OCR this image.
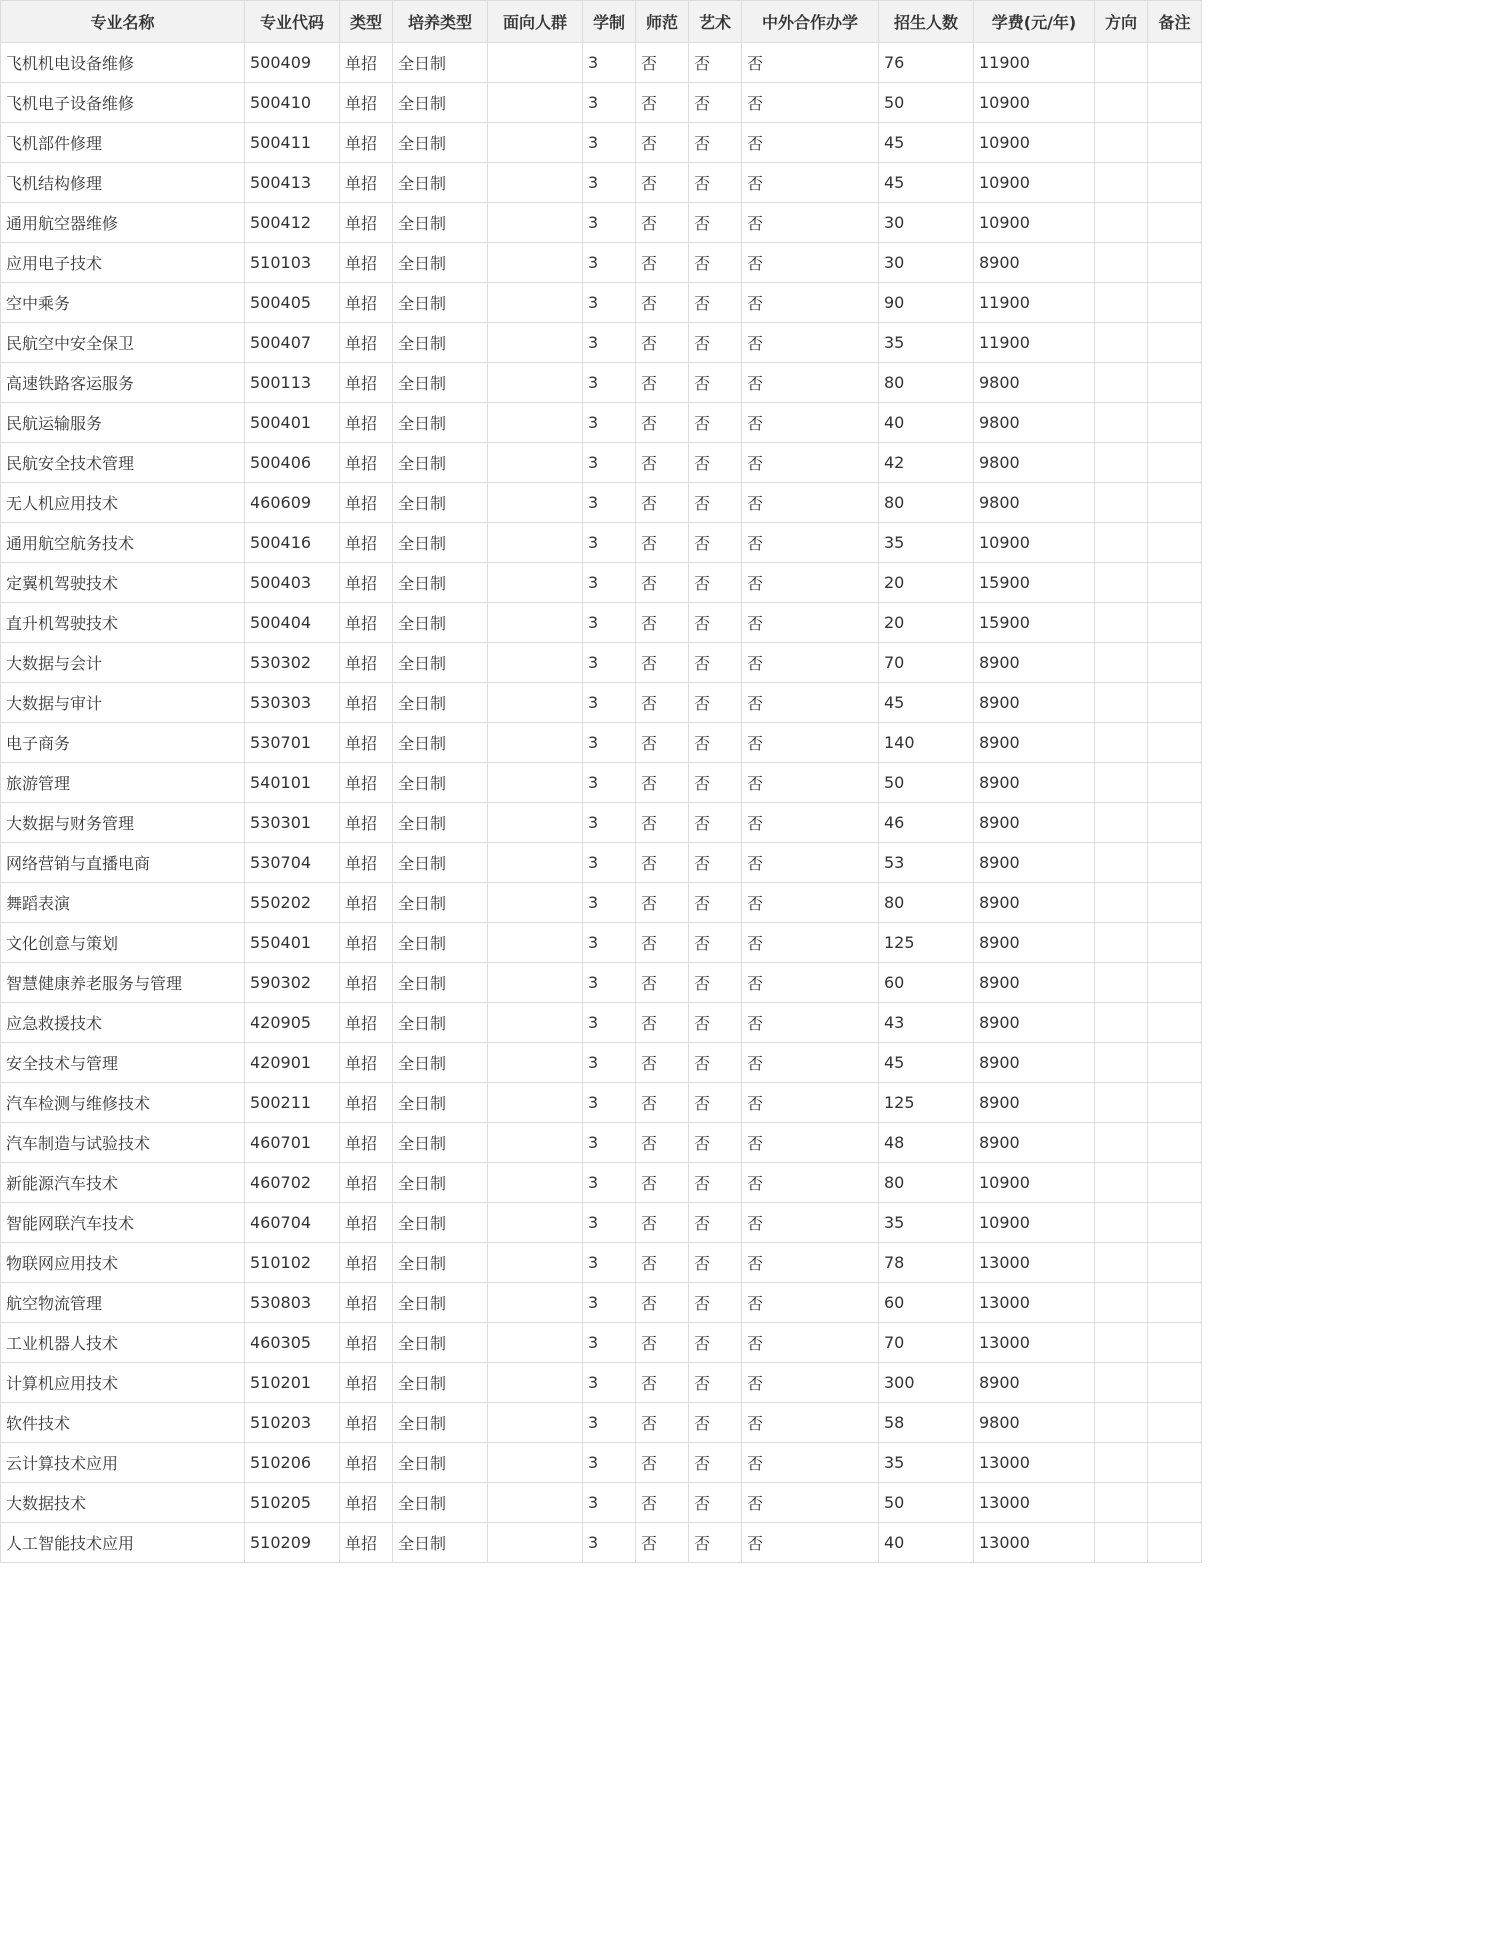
专业名称	专业代码	类型	培养类型	面向人群	学制	师范	艺术	中外合作办学	招生人数	学费(元/年)	方向	备注
飞机机电设备维修	500409	单招	全日制		3	否	否	否	76	11900		
飞机电子设备维修	500410	单招	全日制		3	否	否	否	50	10900		
飞机部件修理	500411	单招	全日制		3	否	否	否	45	10900		
飞机结构修理	500413	单招	全日制		3	否	否	否	45	10900		
通用航空器维修	500412	单招	全日制		3	否	否	否	30	10900		
应用电子技术	510103	单招	全日制		3	否	否	否	30	8900		
空中乘务	500405	单招	全日制		3	否	否	否	90	11900		
民航空中安全保卫	500407	单招	全日制		3	否	否	否	35	11900		
高速铁路客运服务	500113	单招	全日制		3	否	否	否	80	9800		
民航运输服务	500401	单招	全日制		3	否	否	否	40	9800		
民航安全技术管理	500406	单招	全日制		3	否	否	否	42	9800		
无人机应用技术	460609	单招	全日制		3	否	否	否	80	9800		
通用航空航务技术	500416	单招	全日制		3	否	否	否	35	10900		
定翼机驾驶技术	500403	单招	全日制		3	否	否	否	20	15900		
直升机驾驶技术	500404	单招	全日制		3	否	否	否	20	15900		
大数据与会计	530302	单招	全日制		3	否	否	否	70	8900		
大数据与审计	530303	单招	全日制		3	否	否	否	45	8900		
电子商务	530701	单招	全日制		3	否	否	否	140	8900		
旅游管理	540101	单招	全日制		3	否	否	否	50	8900		
大数据与财务管理	530301	单招	全日制		3	否	否	否	46	8900		
网络营销与直播电商	530704	单招	全日制		3	否	否	否	53	8900		
舞蹈表演	550202	单招	全日制		3	否	否	否	80	8900		
文化创意与策划	550401	单招	全日制		3	否	否	否	125	8900		
智慧健康养老服务与管理	590302	单招	全日制		3	否	否	否	60	8900		
应急救援技术	420905	单招	全日制		3	否	否	否	43	8900		
安全技术与管理	420901	单招	全日制		3	否	否	否	45	8900		
汽车检测与维修技术	500211	单招	全日制		3	否	否	否	125	8900		
汽车制造与试验技术	460701	单招	全日制		3	否	否	否	48	8900		
新能源汽车技术	460702	单招	全日制		3	否	否	否	80	10900		
智能网联汽车技术	460704	单招	全日制		3	否	否	否	35	10900		
物联网应用技术	510102	单招	全日制		3	否	否	否	78	13000		
航空物流管理	530803	单招	全日制		3	否	否	否	60	13000		
工业机器人技术	460305	单招	全日制		3	否	否	否	70	13000		
计算机应用技术	510201	单招	全日制		3	否	否	否	300	8900		
软件技术	510203	单招	全日制		3	否	否	否	58	9800		
云计算技术应用	510206	单招	全日制		3	否	否	否	35	13000		
大数据技术	510205	单招	全日制		3	否	否	否	50	13000		
人工智能技术应用	510209	单招	全日制		3	否	否	否	40	13000		
